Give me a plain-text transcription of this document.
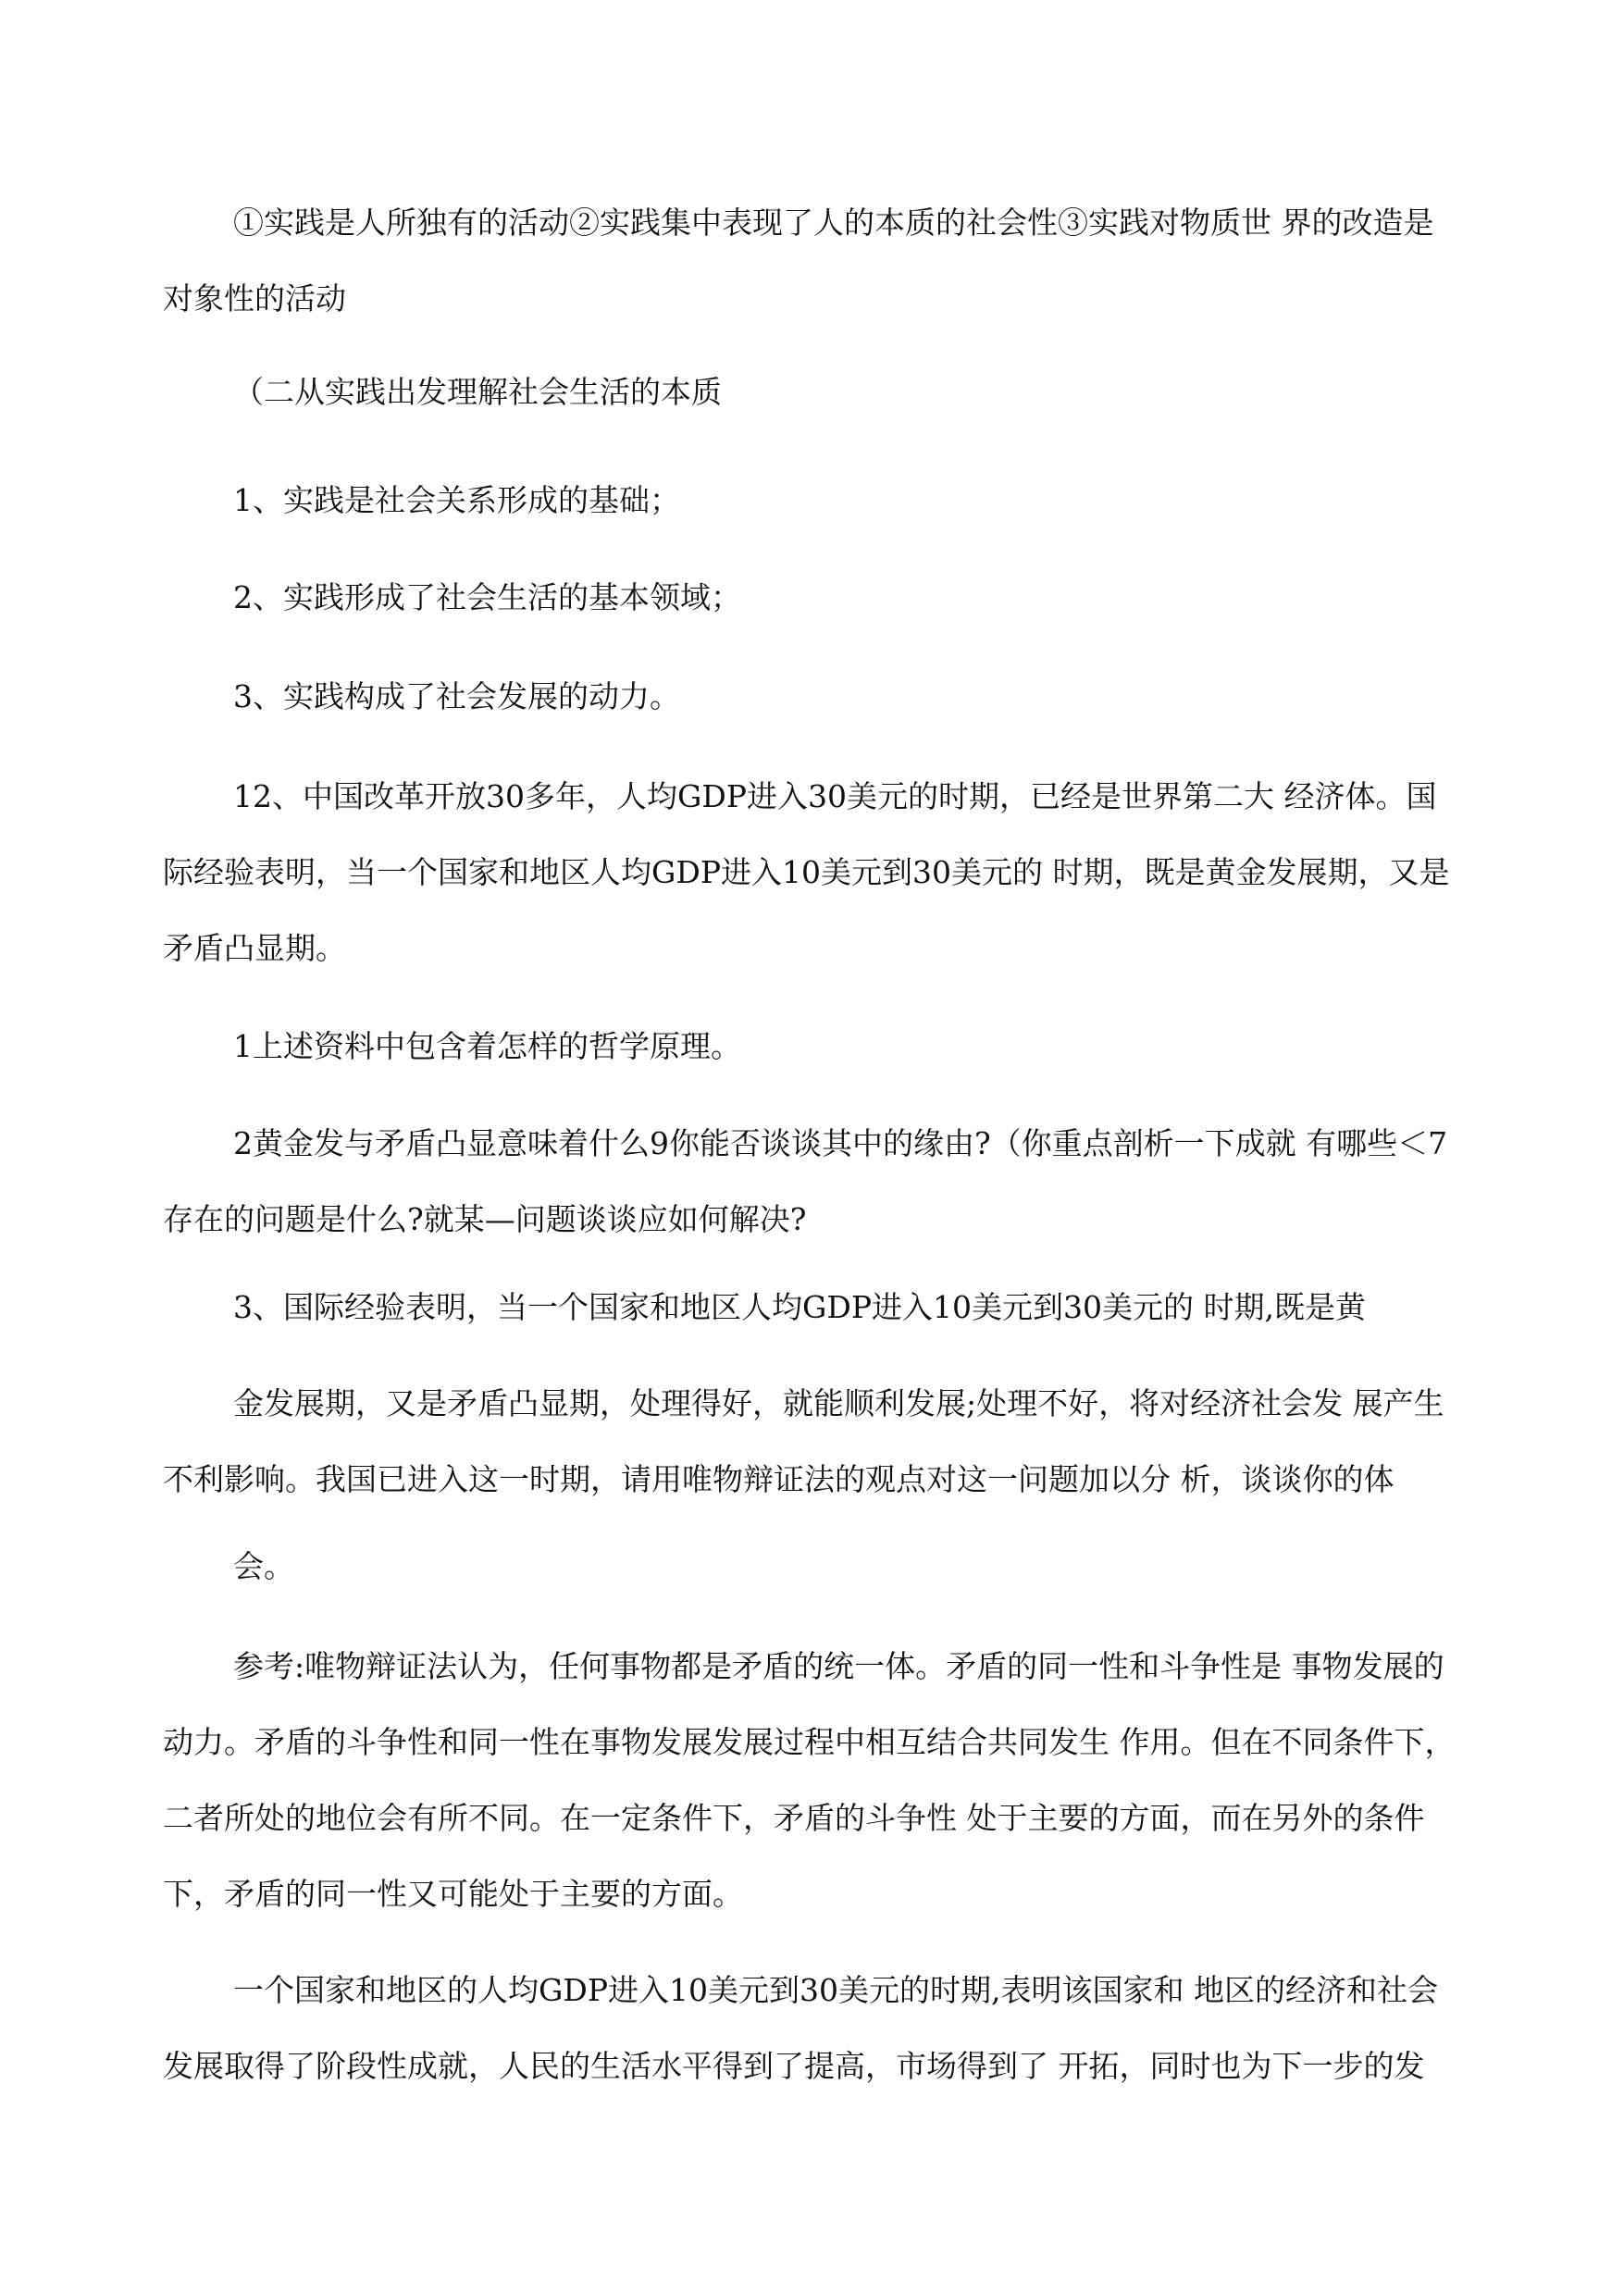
①实践是人所独有的活动②实践集中表现了人的本质的社会性③实践对物质世 界的改造是对象性的活动

（二从实践出发理解社会生活的本质

1、实践是社会关系形成的基础；

2、实践形成了社会生活的基本领域；

3、实践构成了社会发展的动力。

12、中国改革开放30多年，人均GDP进入30美元的时期，已经是世界第二大 经济体。国际经验表明，当一个国家和地区人均GDP进入10美元到30美元的 时期，既是黄金发展期，又是矛盾凸显期。

1上述资料中包含着怎样的哲学原理。

2黄金发与矛盾凸显意味着什么9你能否谈谈其中的缘由?（你重点剖析一下成就 有哪些＜7存在的问题是什么?就某—问题谈谈应如何解决?

3、国际经验表明，当一个国家和地区人均GDP进入10美元到30美元的 时期,既是黄

金发展期，又是矛盾凸显期，处理得好，就能顺利发展;处理不好，将对经济社会发 展产生不利影响。我国已进入这一时期，请用唯物辩证法的观点对这一问题加以分 析，谈谈你的体

会。

参考:唯物辩证法认为，任何事物都是矛盾的统一体。矛盾的同一性和斗争性是 事物发展的动力。矛盾的斗争性和同一性在事物发展发展过程中相互结合共同发生 作用。但在不同条件下，二者所处的地位会有所不同。在一定条件下，矛盾的斗争性 处于主要的方面，而在另外的条件下，矛盾的同一性又可能处于主要的方面。

一个国家和地区的人均GDP进入10美元到30美元的时期,表明该国家和 地区的经济和社会发展取得了阶段性成就，人民的生活水平得到了提高，市场得到了 开拓，同时也为下一步的发
